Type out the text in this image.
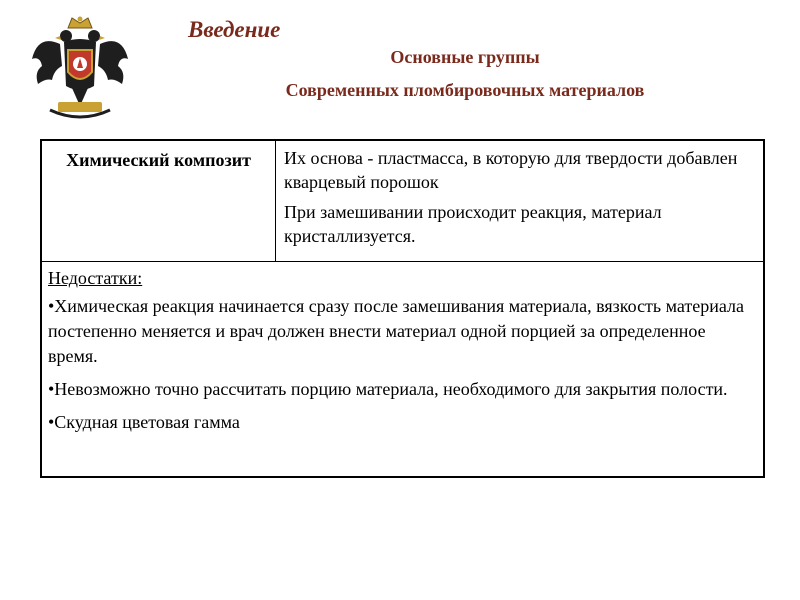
Введение

Основные группы

Современных пломбировочных материалов

Химический композит	Их основа - пластмасса, в которую для твердости добавлен кварцевый порошок

При замешивании происходит реакция, материал кристаллизуется.

Недостатки:

•Химическая реакция начинается сразу после замешивания материала, вязкость материала постепенно меняется и врач должен внести материал одной порцией за определенное время.

•Невозможно точно рассчитать порцию материала, необходимого для закрытия полости.

•Скудная цветовая гамма
